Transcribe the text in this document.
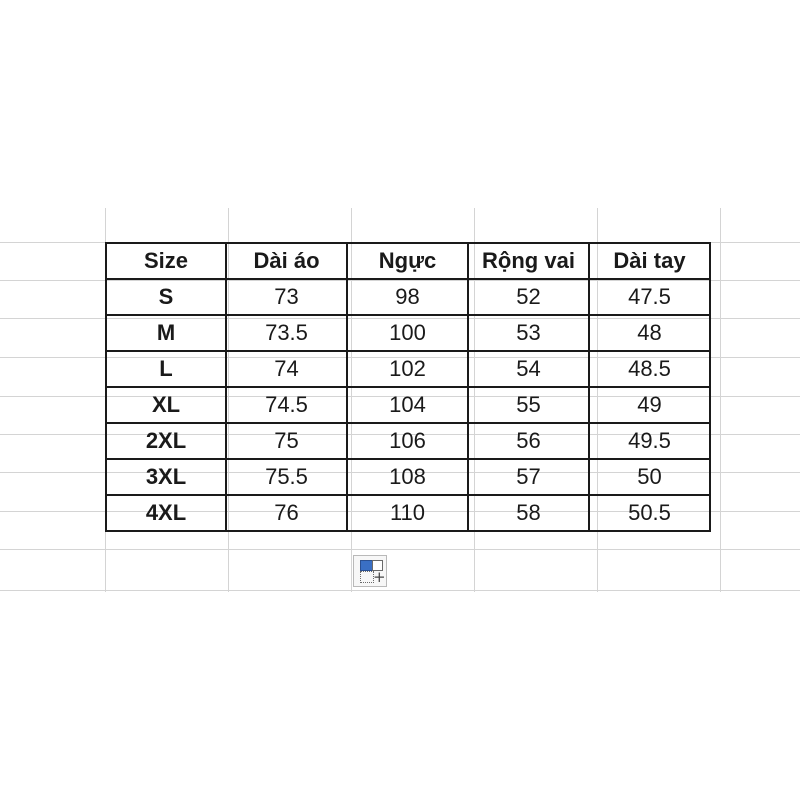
Size	Dài áo	Ngực	Rộng vai	Dài tay
S	73	98	52	47.5
M	73.5	100	53	48
L	74	102	54	48.5
XL	74.5	104	55	49
2XL	75	106	56	49.5
3XL	75.5	108	57	50
4XL	76	110	58	50.5
+
